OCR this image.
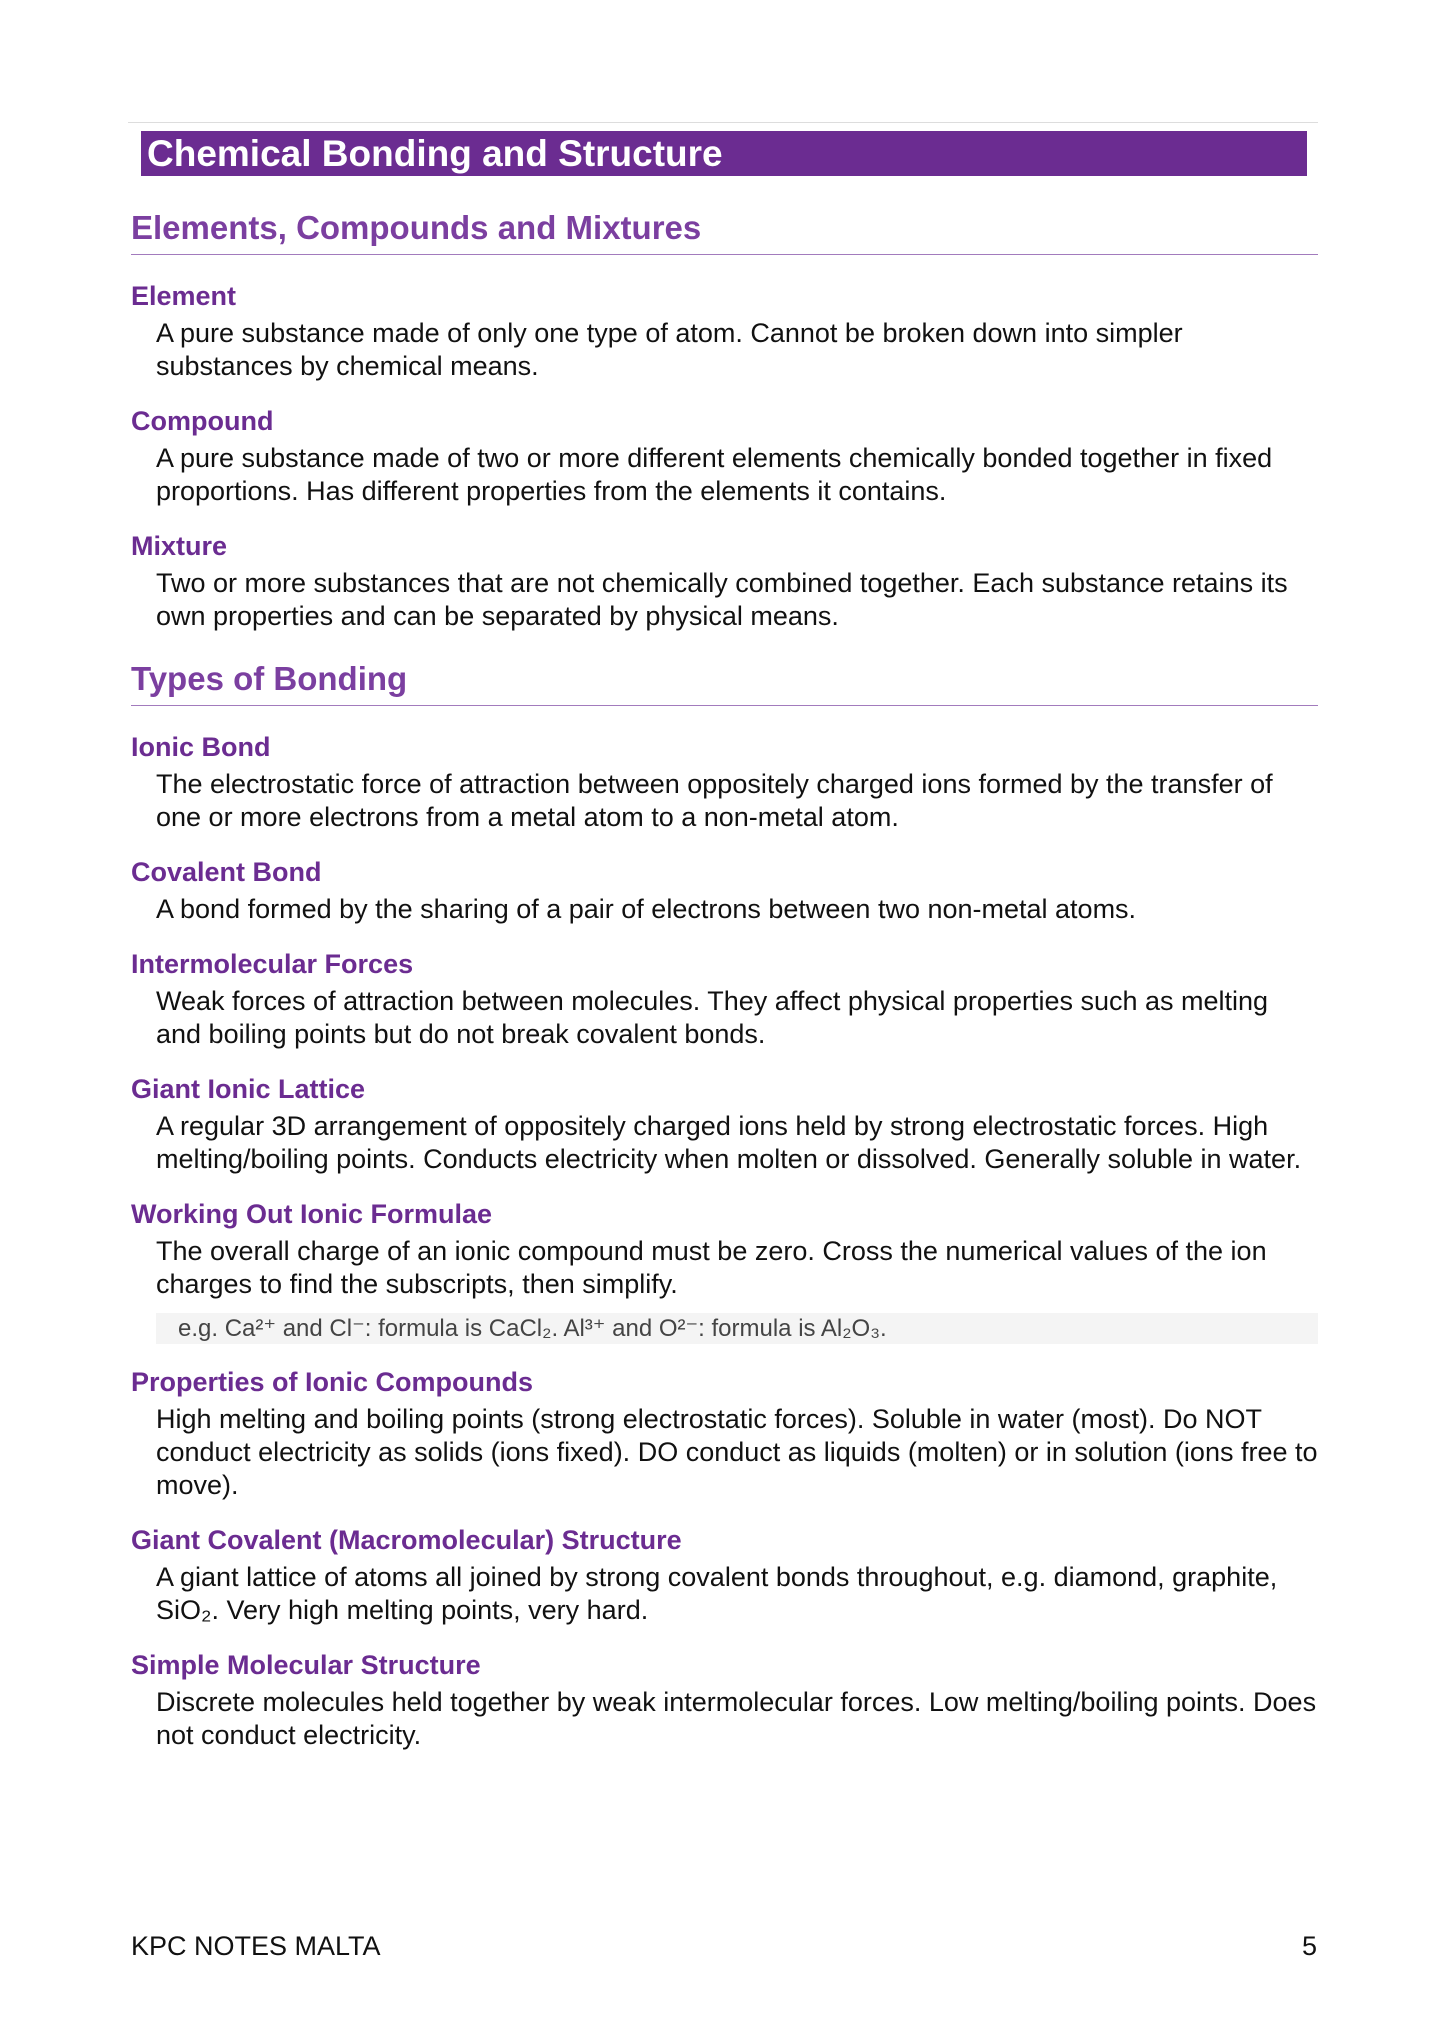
Chemical Bonding and Structure
Elements, Compounds and Mixtures
Element
A pure substance made of only one type of atom. Cannot be broken down into simpler substances by chemical means.
Compound
A pure substance made of two or more different elements chemically bonded together in fixed proportions. Has different properties from the elements it contains.
Mixture
Two or more substances that are not chemically combined together. Each substance retains its own properties and can be separated by physical means.
Types of Bonding
Ionic Bond
The electrostatic force of attraction between oppositely charged ions formed by the transfer of one or more electrons from a metal atom to a non-metal atom.
Covalent Bond
A bond formed by the sharing of a pair of electrons between two non-metal atoms.
Intermolecular Forces
Weak forces of attraction between molecules. They affect physical properties such as melting and boiling points but do not break covalent bonds.
Giant Ionic Lattice
A regular 3D arrangement of oppositely charged ions held by strong electrostatic forces. High melting/boiling points. Conducts electricity when molten or dissolved. Generally soluble in water.
Working Out Ionic Formulae
The overall charge of an ionic compound must be zero. Cross the numerical values of the ion charges to find the subscripts, then simplify.
e.g. Ca²⁺ and Cl⁻: formula is CaCl₂. Al³⁺ and O²⁻: formula is Al₂O₃.
Properties of Ionic Compounds
High melting and boiling points (strong electrostatic forces). Soluble in water (most). Do NOT conduct electricity as solids (ions fixed). DO conduct as liquids (molten) or in solution (ions free to move).
Giant Covalent (Macromolecular) Structure
A giant lattice of atoms all joined by strong covalent bonds throughout, e.g. diamond, graphite, SiO₂. Very high melting points, very hard.
Simple Molecular Structure
Discrete molecules held together by weak intermolecular forces. Low melting/boiling points. Does not conduct electricity.
KPC NOTES MALTA	5
